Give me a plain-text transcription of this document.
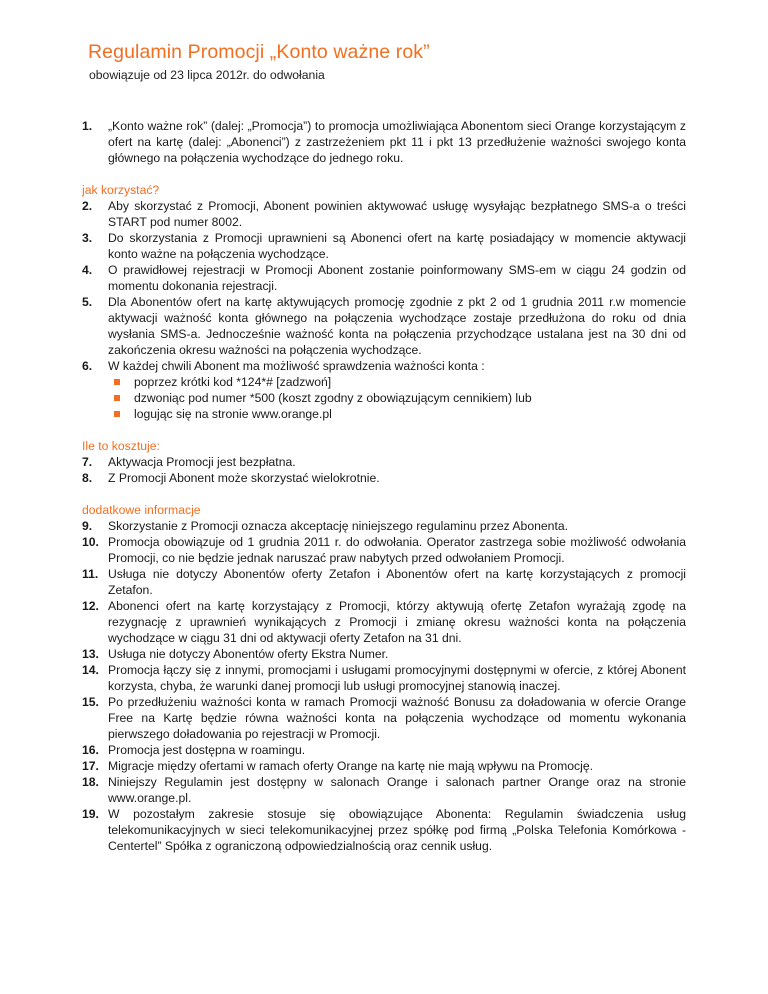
Regulamin Promocji „Konto ważne rok”
obowiązuje od 23 lipca 2012r. do odwołania

1.	„Konto ważne rok” (dalej: „Promocja”) to promocja umożliwiająca Abonentom sieci Orange korzystającym z ofert na kartę (dalej: „Abonenci”) z zastrzeżeniem pkt 11 i pkt 13 przedłużenie ważności swojego konta głównego na połączenia wychodzące do jednego roku.

jak korzystać?

2.	Aby skorzystać z Promocji, Abonent powinien aktywować usługę wysyłając bezpłatnego SMS-a o treści START pod numer 8002.

3.	Do skorzystania z Promocji uprawnieni są Abonenci ofert na kartę posiadający w momencie aktywacji konto ważne na połączenia wychodzące.

4.	O prawidłowej rejestracji w Promocji Abonent zostanie poinformowany SMS-em w ciągu 24 godzin od momentu dokonania rejestracji.

5.	Dla Abonentów ofert na kartę aktywujących promocję zgodnie z pkt 2 od 1 grudnia 2011 r.w momencie aktywacji ważność konta głównego na połączenia wychodzące zostaje przedłużona do roku od dnia wysłania SMS-a. Jednocześnie ważność konta na połączenia przychodzące ustalana jest na 30 dni od zakończenia okresu ważności na połączenia wychodzące.

6.	W każdej chwili Abonent ma możliwość sprawdzenia ważności konta :

poprzez krótki kod *124*# [zadzwoń]

dzwoniąc pod numer *500 (koszt zgodny z obowiązującym cennikiem) lub

logując się na stronie www.orange.pl

Ile to kosztuje:

7.	Aktywacja Promocji jest bezpłatna.

8.	Z Promocji Abonent może skorzystać wielokrotnie.

dodatkowe informacje

9.	Skorzystanie z Promocji oznacza akceptację niniejszego regulaminu przez Abonenta.

10. Promocja obowiązuje od 1 grudnia 2011 r. do odwołania. Operator zastrzega sobie możliwość odwołania Promocji, co nie będzie jednak naruszać praw nabytych przed odwołaniem Promocji.

11. Usługa nie dotyczy Abonentów oferty Zetafon i Abonentów ofert na kartę korzystających z promocji Zetafon.

12. Abonenci ofert na kartę korzystający z Promocji, którzy aktywują ofertę Zetafon wyrażają zgodę na rezygnację z uprawnień wynikających z Promocji i zmianę okresu ważności konta na połączenia wychodzące w ciągu 31 dni od aktywacji oferty Zetafon na 31 dni.

13. Usługa nie dotyczy Abonentów oferty Ekstra Numer.

14. Promocja łączy się z innymi, promocjami i usługami promocyjnymi dostępnymi w ofercie, z której Abonent korzysta, chyba, że warunki danej promocji lub usługi promocyjnej stanowią inaczej.

15. Po przedłużeniu ważności konta w ramach Promocji ważność Bonusu za doładowania w ofercie Orange Free na Kartę będzie równa ważności konta na połączenia wychodzące od momentu wykonania pierwszego doładowania po rejestracji w Promocji.

16. Promocja jest dostępna w roamingu.

17. Migracje między ofertami w ramach oferty Orange na kartę nie mają wpływu na Promocję.

18. Niniejszy Regulamin jest dostępny w salonach Orange i salonach partner Orange oraz na stronie www.orange.pl.

19. W pozostałym zakresie stosuje się obowiązujące Abonenta: Regulamin świadczenia usług telekomunikacyjnych w sieci telekomunikacyjnej przez spółkę pod firmą „Polska Telefonia Komórkowa - Centertel” Spółka z ograniczoną odpowiedzialnością oraz cennik usług.
